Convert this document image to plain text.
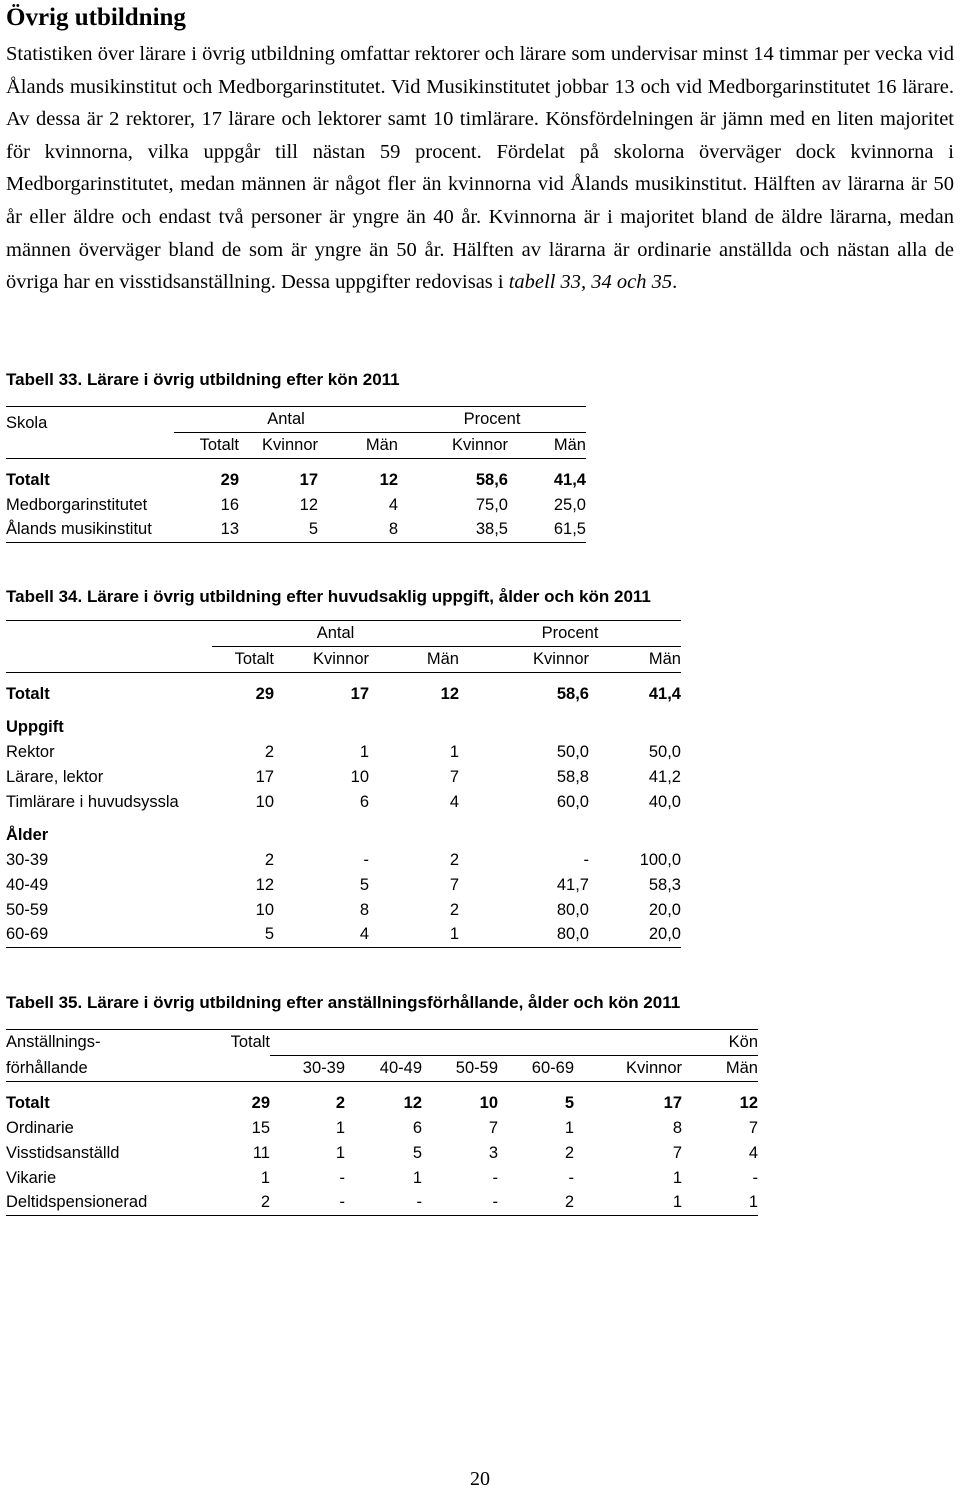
Övrig utbildning

Statistiken över lärare i övrig utbildning omfattar rektorer och lärare som undervisar minst 14 timmar per vecka vid Ålands musikinstitut och Medborgarinstitutet. Vid Musikinstitutet jobbar 13 och vid Medborgarinstitutet 16 lärare. Av dessa är 2 rektorer, 17 lärare och lektorer samt 10 timlärare. Könsfördelningen är jämn med en liten majoritet för kvinnorna, vilka uppgår till nästan 59 procent. Fördelat på skolorna överväger dock kvinnorna i Medborgarinstitutet, medan männen är något fler än kvinnorna vid Ålands musikinstitut. Hälften av lärarna är 50 år eller äldre och endast två personer är yngre än 40 år. Kvinnorna är i majoritet bland de äldre lärarna, medan männen överväger bland de som är yngre än 50 år. Hälften av lärarna är ordinarie anställda och nästan alla de övriga har en visstidsanställning. Dessa uppgifter redovisas i tabell 33, 34 och 35.

Tabell 33. Lärare i övrig utbildning efter kön 2011

Skola	Antal			Procent	
	Totalt	Kvinnor	Män	Kvinnor	Män

Totalt	29	17	12	58,6	41,4
Medborgarinstitutet	16	12	4	75,0	25,0
Ålands musikinstitut	13	5	8	38,5	61,5

Tabell 34. Lärare i övrig utbildning efter huvudsaklig uppgift, ålder och kön 2011

	Antal			Procent	
	Totalt	Kvinnor	Män	Kvinnor	Män

Totalt	29	17	12	58,6	41,4

Uppgift					
Rektor	2	1	1	50,0	50,0
Lärare, lektor	17	10	7	58,8	41,2
Timlärare i huvudsyssla	10	6	4	60,0	40,0

Ålder					
30-39	2	-	2	-	100,0
40-49	12	5	7	41,7	58,3
50-59	10	8	2	80,0	20,0
60-69	5	4	1	80,0	20,0

Tabell 35. Lärare i övrig utbildning efter anställningsförhållande, ålder och kön 2011

Anställnings-	Totalt					Kön	
förhållande		30-39	40-49	50-59	60-69	Kvinnor	Män

Totalt	29	2	12	10	5	17	12
Ordinarie	15	1	6	7	1	8	7
Visstidsanställd	11	1	5	3	2	7	4
Vikarie	1	-	1	-	-	1	-
Deltidspensionerad	2	-	-	-	2	1	1
20
